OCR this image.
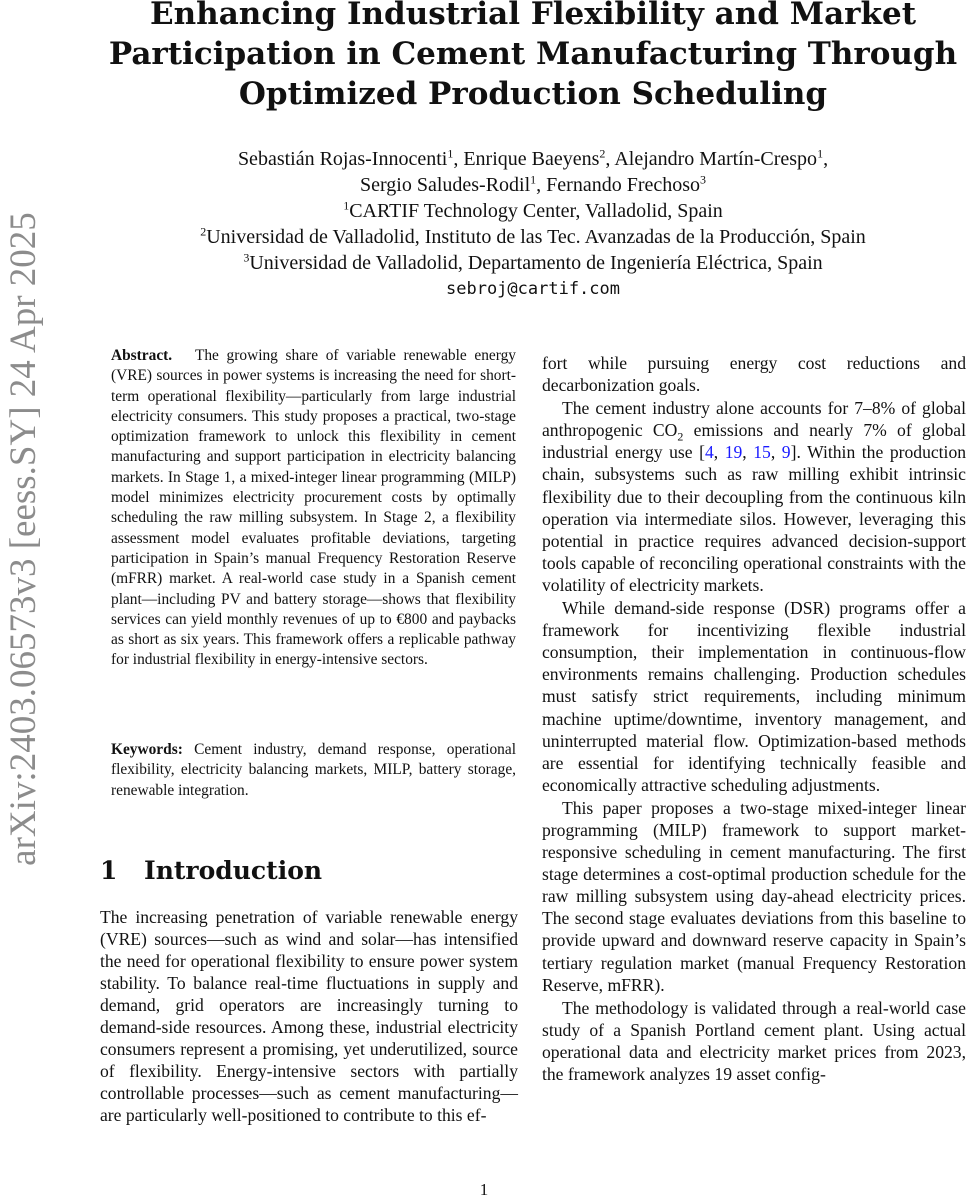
arXiv:2403.06573v3 [eess.SY] 24 Apr 2025
Enhancing Industrial Flexibility and Market
Participation in Cement Manufacturing Through
Optimized Production Scheduling
Sebastián Rojas-Innocenti$^1$, Enrique Baeyens$^2$, Alejandro Martín-Crespo$^1$,
Sergio Saludes-Rodil$^1$, Fernando Frechoso$^3$
$^1$CARTIF Technology Center, Valladolid, Spain
$^2$Universidad de Valladolid, Instituto de las Tec. Avanzadas de la Producción, Spain
$^3$Universidad de Valladolid, Departamento de Ingeniería Eléctrica, Spain
sebroj@cartif.com
Abstract. The growing share of variable renewable energy (VRE) sources in power systems is increasing the need for short-term operational flexibility—particularly from large industrial electricity consumers. This study proposes a practical, two-stage optimization framework to unlock this flexibility in cement manufacturing and support participation in electricity balancing markets. In Stage 1, a mixed-integer linear programming (MILP) model minimizes electricity procurement costs by optimally scheduling the raw milling subsystem. In Stage 2, a flexibility assessment model evaluates profitable deviations, targeting participation in Spain’s manual Frequency Restoration Reserve (mFRR) market. A real-world case study in a Spanish cement plant—including PV and battery storage—shows that flexibility services can yield monthly revenues of up to €800 and paybacks as short as six years. This framework offers a replicable pathway for industrial flexibility in energy-intensive sectors.
Keywords: Cement industry, demand response, operational flexibility, electricity balancing markets, MILP, battery storage, renewable integration.
1 Introduction

The increasing penetration of variable renewable energy (VRE) sources—such as wind and solar—has intensified the need for operational flexibility to ensure power system stability. To balance real-time fluctuations in supply and demand, grid operators are increasingly turning to demand-side resources. Among these, industrial electricity consumers represent a promising, yet underutilized, source of flexibility. Energy-intensive sectors with partially controllable processes—such as cement manufacturing—are particularly well-positioned to contribute to this ef-

fort while pursuing energy cost reductions and decarbonization goals.

The cement industry alone accounts for 7–8% of global anthropogenic $CO_2$ emissions and nearly 7% of global industrial energy use [4, 19, 15, 9]. Within the production chain, subsystems such as raw milling exhibit intrinsic flexibility due to their decoupling from the continuous kiln operation via intermediate silos. However, leveraging this potential in practice requires advanced decision-support tools capable of reconciling operational constraints with the volatility of electricity markets.

While demand-side response (DSR) programs offer a framework for incentivizing flexible industrial consumption, their implementation in continuous-flow environments remains challenging. Production schedules must satisfy strict requirements, including minimum machine uptime/downtime, inventory management, and uninterrupted material flow. Optimization-based methods are essential for identifying technically feasible and economically attractive scheduling adjustments.

This paper proposes a two-stage mixed-integer linear programming (MILP) framework to support market-responsive scheduling in cement manufacturing. The first stage determines a cost-optimal production schedule for the raw milling subsystem using day-ahead electricity prices. The second stage evaluates deviations from this baseline to provide upward and downward reserve capacity in Spain’s tertiary regulation market (manual Frequency Restoration Reserve, mFRR).

The methodology is validated through a real-world case study of a Spanish Portland cement plant. Using actual operational data and electricity market prices from 2023, the framework analyzes 19 asset config-

1
